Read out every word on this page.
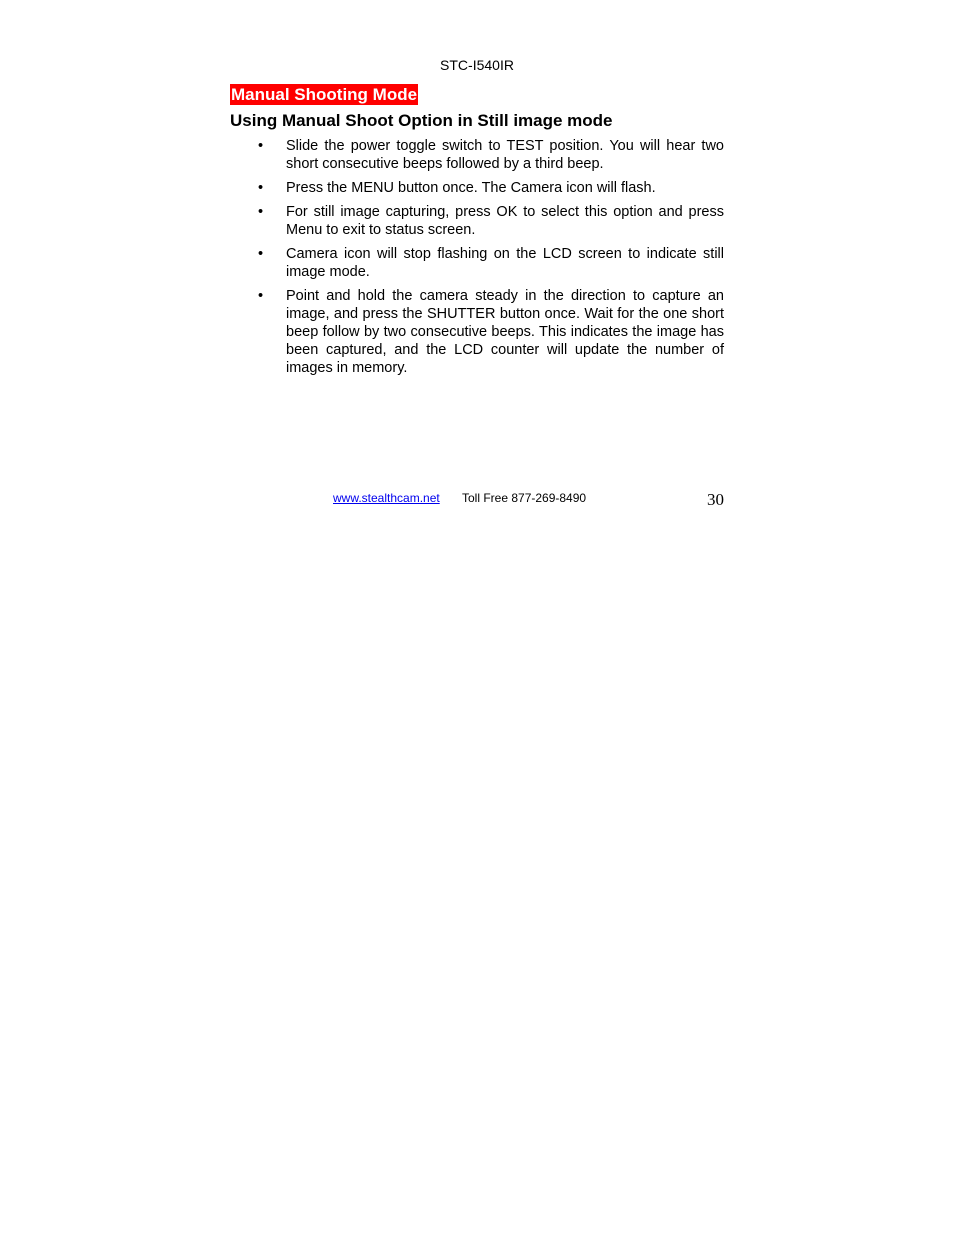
STC-I540IR
Manual Shooting Mode
Using Manual Shoot Option in Still image mode
•	Slide the power toggle switch to TEST position. You will hear two short consecutive beeps followed by a third beep.
•	Press the MENU button once. The Camera icon will flash.
•	For still image capturing, press OK to select this option and press Menu to exit to status screen.
•	Camera icon will stop flashing on the LCD screen to indicate still image mode.
•	Point and hold the camera steady in the direction to capture an image, and press the SHUTTER button once. Wait for the one short beep follow by two consecutive beeps. This indicates the image has been captured, and the LCD counter will update the number of images in memory.
www.stealthcam.net Toll Free 877-269-8490	30
